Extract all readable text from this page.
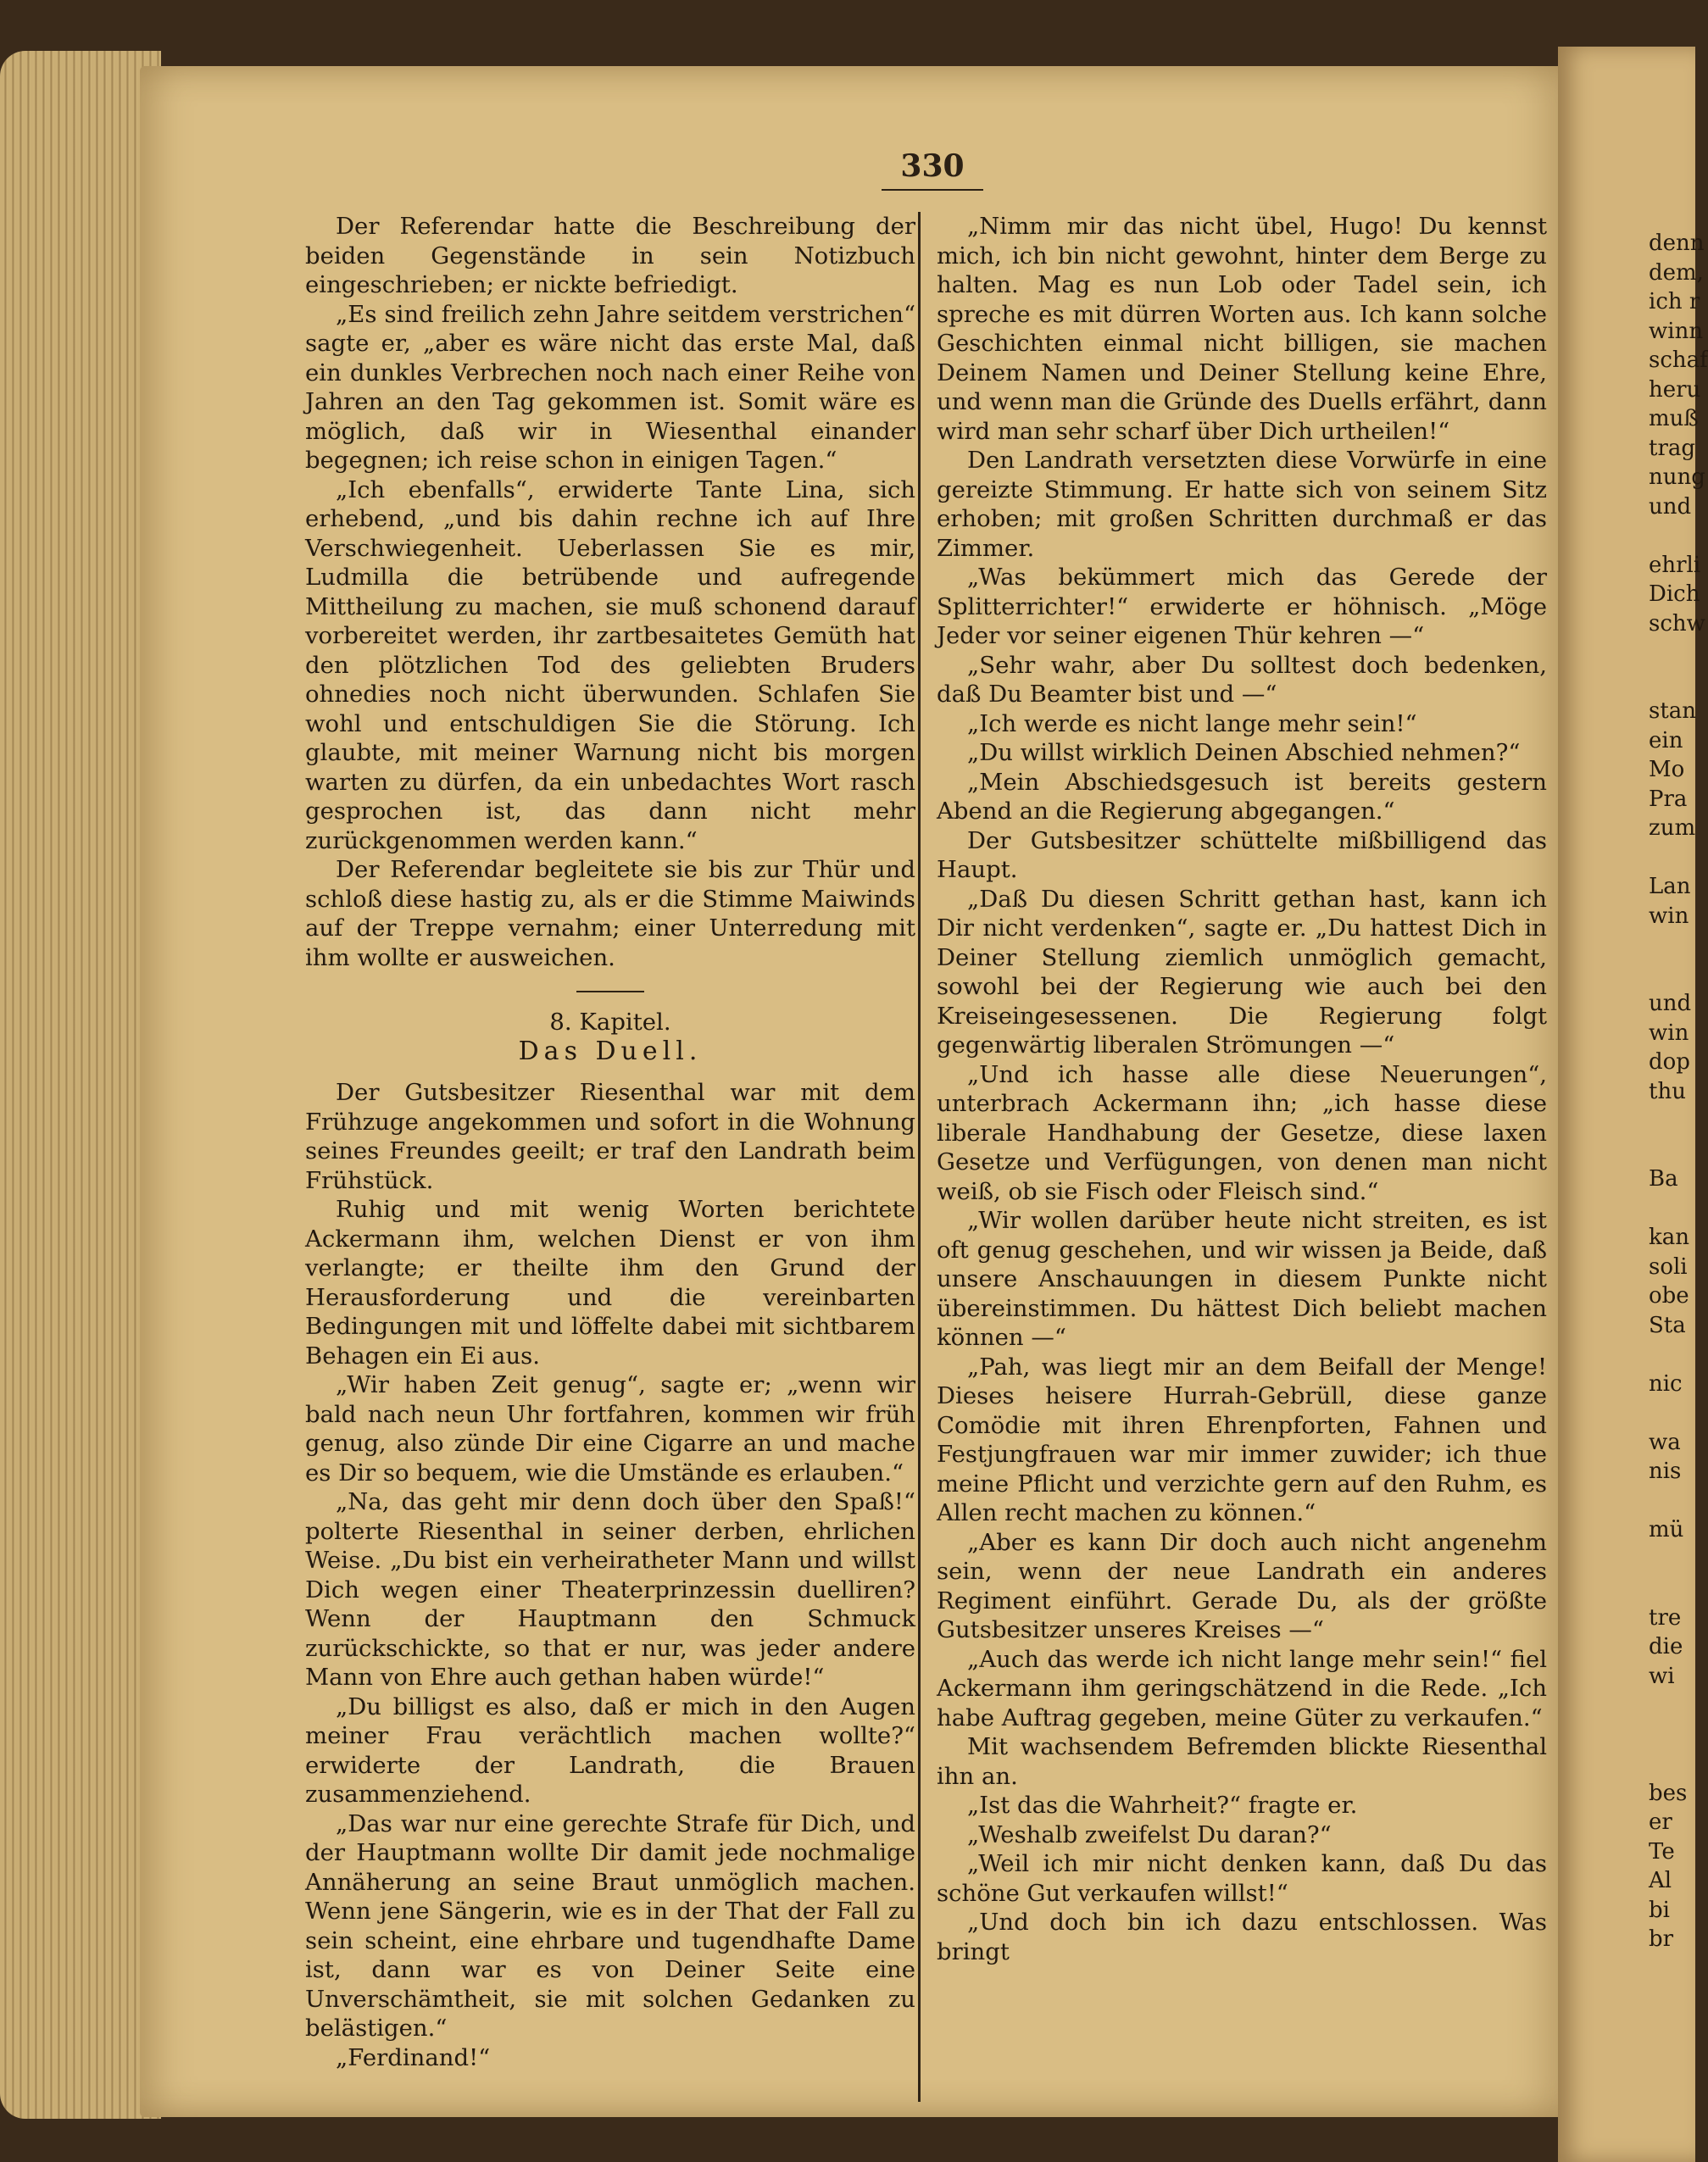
330

Der Referendar hatte die Beschreibung der beiden Gegenstände in sein Notizbuch eingeschrieben; er nickte befriedigt.

„Es sind freilich zehn Jahre seitdem verstrichen“ sagte er, „aber es wäre nicht das erste Mal, daß ein dunkles Verbrechen noch nach einer Reihe von Jahren an den Tag gekommen ist. Somit wäre es möglich, daß wir in Wiesenthal einander begegnen; ich reise schon in einigen Tagen.“

„Ich ebenfalls“, erwiderte Tante Lina, sich erhebend, „und bis dahin rechne ich auf Ihre Verschwiegenheit. Ueberlassen Sie es mir, Ludmilla die betrübende und aufregende Mittheilung zu machen, sie muß schonend darauf vorbereitet werden, ihr zartbesaitetes Gemüth hat den plötzlichen Tod des geliebten Bruders ohnedies noch nicht überwunden. Schlafen Sie wohl und entschuldigen Sie die Störung. Ich glaubte, mit meiner Warnung nicht bis morgen warten zu dürfen, da ein unbedachtes Wort rasch gesprochen ist, das dann nicht mehr zurückgenommen werden kann.“

Der Referendar begleitete sie bis zur Thür und schloß diese hastig zu, als er die Stimme Maiwinds auf der Treppe vernahm; einer Unterredung mit ihm wollte er ausweichen.

8. Kapitel.

Das Duell.

Der Gutsbesitzer Riesenthal war mit dem Frühzuge angekommen und sofort in die Wohnung seines Freundes geeilt; er traf den Landrath beim Frühstück.

Ruhig und mit wenig Worten berichtete Ackermann ihm, welchen Dienst er von ihm verlangte; er theilte ihm den Grund der Herausforderung und die vereinbarten Bedingungen mit und löffelte dabei mit sichtbarem Behagen ein Ei aus.

„Wir haben Zeit genug“, sagte er; „wenn wir bald nach neun Uhr fortfahren, kommen wir früh genug, also zünde Dir eine Cigarre an und mache es Dir so bequem, wie die Umstände es erlauben.“

„Na, das geht mir denn doch über den Spaß!“ polterte Riesenthal in seiner derben, ehrlichen Weise. „Du bist ein verheiratheter Mann und willst Dich wegen einer Theaterprinzessin duelliren? Wenn der Hauptmann den Schmuck zurückschickte, so that er nur, was jeder andere Mann von Ehre auch gethan haben würde!“

„Du billigst es also, daß er mich in den Augen meiner Frau verächtlich machen wollte?“ erwiderte der Landrath, die Brauen zusammenziehend.

„Das war nur eine gerechte Strafe für Dich, und der Hauptmann wollte Dir damit jede nochmalige Annäherung an seine Braut unmöglich machen. Wenn jene Sängerin, wie es in der That der Fall zu sein scheint, eine ehrbare und tugendhafte Dame ist, dann war es von Deiner Seite eine Unverschämtheit, sie mit solchen Gedanken zu belästigen.“

„Ferdinand!“

„Nimm mir das nicht übel, Hugo! Du kennst mich, ich bin nicht gewohnt, hinter dem Berge zu halten. Mag es nun Lob oder Tadel sein, ich spreche es mit dürren Worten aus. Ich kann solche Geschichten einmal nicht billigen, sie machen Deinem Namen und Deiner Stellung keine Ehre, und wenn man die Gründe des Duells erfährt, dann wird man sehr scharf über Dich urtheilen!“

Den Landrath versetzten diese Vorwürfe in eine gereizte Stimmung. Er hatte sich von seinem Sitz erhoben; mit großen Schritten durchmaß er das Zimmer.

„Was bekümmert mich das Gerede der Splitterrichter!“ erwiderte er höhnisch. „Möge Jeder vor seiner eigenen Thür kehren —“

„Sehr wahr, aber Du solltest doch bedenken, daß Du Beamter bist und —“

„Ich werde es nicht lange mehr sein!“

„Du willst wirklich Deinen Abschied nehmen?“

„Mein Abschiedsgesuch ist bereits gestern Abend an die Regierung abgegangen.“

Der Gutsbesitzer schüttelte mißbilligend das Haupt.

„Daß Du diesen Schritt gethan hast, kann ich Dir nicht verdenken“, sagte er. „Du hattest Dich in Deiner Stellung ziemlich unmöglich gemacht, sowohl bei der Regierung wie auch bei den Kreiseingesessenen. Die Regierung folgt gegenwärtig liberalen Strömungen —“

„Und ich hasse alle diese Neuerungen“, unterbrach Ackermann ihn; „ich hasse diese liberale Handhabung der Gesetze, diese laxen Gesetze und Verfügungen, von denen man nicht weiß, ob sie Fisch oder Fleisch sind.“

„Wir wollen darüber heute nicht streiten, es ist oft genug geschehen, und wir wissen ja Beide, daß unsere Anschauungen in diesem Punkte nicht übereinstimmen. Du hättest Dich beliebt machen können —“

„Pah, was liegt mir an dem Beifall der Menge! Dieses heisere Hurrah-Gebrüll, diese ganze Comödie mit ihren Ehrenpforten, Fahnen und Festjungfrauen war mir immer zuwider; ich thue meine Pflicht und verzichte gern auf den Ruhm, es Allen recht machen zu können.“

„Aber es kann Dir doch auch nicht angenehm sein, wenn der neue Landrath ein anderes Regiment einführt. Gerade Du, als der größte Gutsbesitzer unseres Kreises —“

„Auch das werde ich nicht lange mehr sein!“ fiel Ackermann ihm geringschätzend in die Rede. „Ich habe Auftrag gegeben, meine Güter zu verkaufen.“

Mit wachsendem Befremden blickte Riesenthal ihn an.

„Ist das die Wahrheit?“ fragte er.

„Weshalb zweifelst Du daran?“

„Weil ich mir nicht denken kann, daß Du das schöne Gut verkaufen willst!“

„Und doch bin ich dazu entschlossen. Was bringt

denn
dem,
ich r
winn
schaf
heru
muß
trag
nung
und
ehrli
Dich
schw
stan
ein
Mo
Pra
zum
Lan
win
und
win
dop
thu
Ba
kan
soli
obe
Sta
nic
wa
nis
mü
tre
die
wi
bes
er
Te
Al
bi
br
